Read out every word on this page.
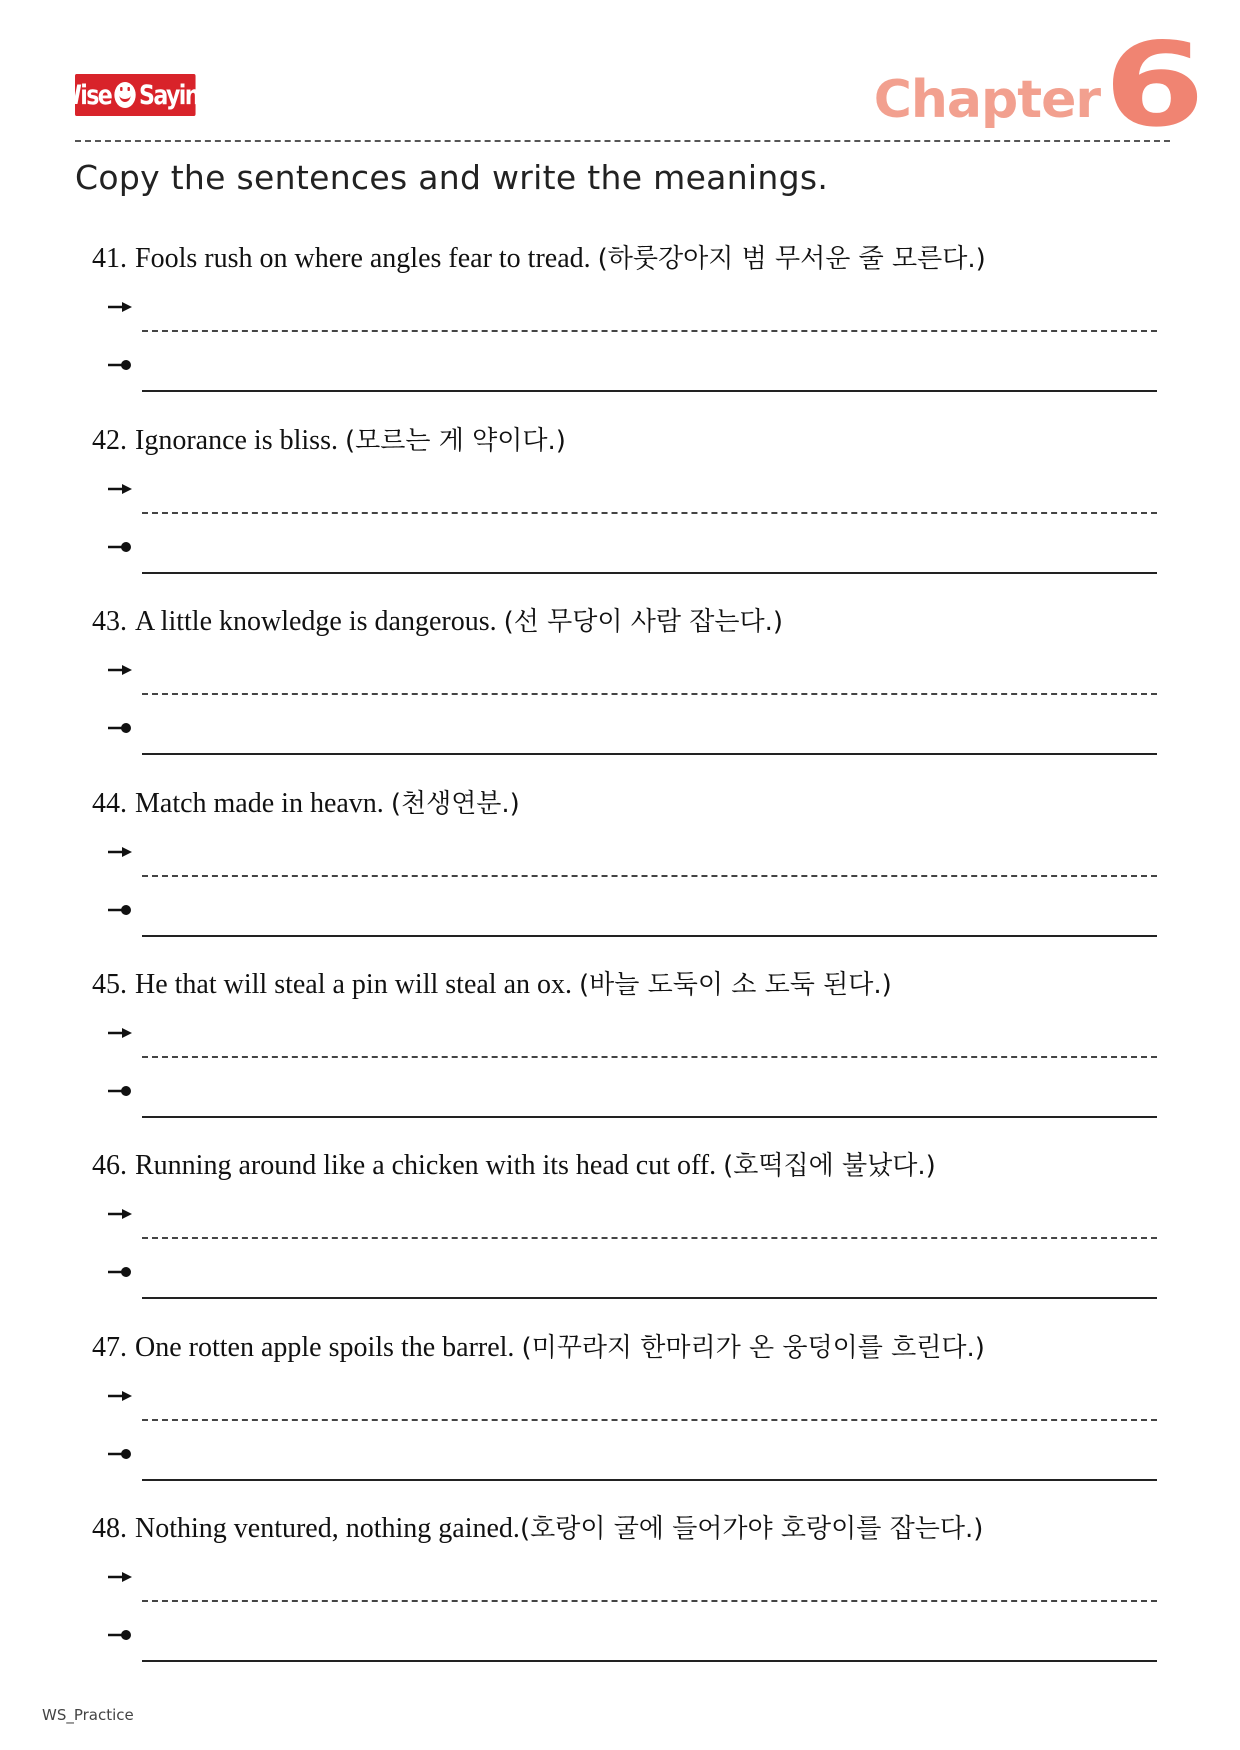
Wise Saying	Chapter 6
Copy the sentences and write the meanings.
41. Fools rush on where angles fear to tread. (하룻강아지 범 무서운 줄 모른다.)
42. Ignorance is bliss. (모르는 게 약이다.)
43. A little knowledge is dangerous. (선 무당이 사람 잡는다.)
44. Match made in heavn. (천생연분.)
45. He that will steal a pin will steal an ox. (바늘 도둑이 소 도둑 된다.)
46. Running around like a chicken with its head cut off. (호떡집에 불났다.)
47. One rotten apple spoils the barrel. (미꾸라지 한마리가 온 웅덩이를 흐린다.)
48. Nothing ventured, nothing gained.(호랑이 굴에 들어가야 호랑이를 잡는다.)
WS_Practice
